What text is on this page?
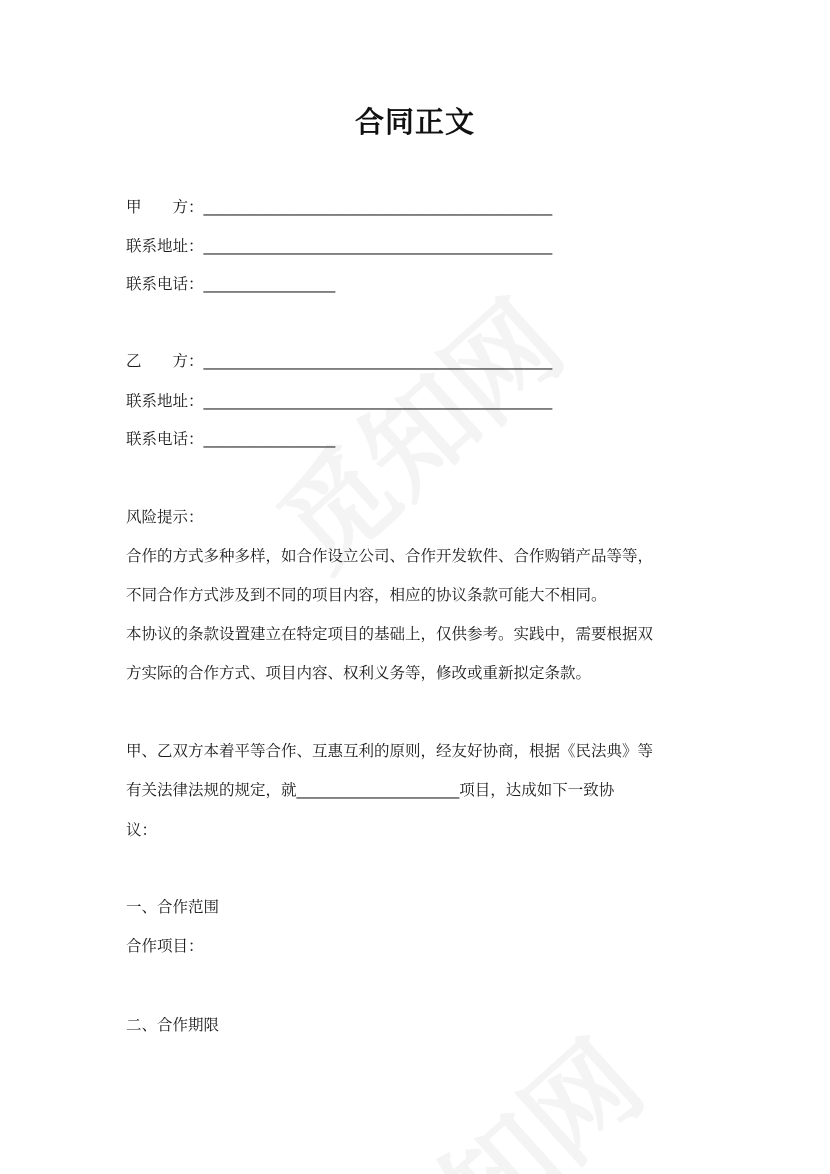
合同正文
甲　　方：_____________________________________________
联系地址：_____________________________________________
联系电话：_________________
乙　　方：_____________________________________________
联系地址：_____________________________________________
联系电话：_________________
风险提示：
合作的方式多种多样，如合作设立公司、合作开发软件、合作购销产品等等，
不同合作方式涉及到不同的项目内容，相应的协议条款可能大不相同。
本协议的条款设置建立在特定项目的基础上，仅供参考。实践中，需要根据双
方实际的合作方式、项目内容、权利义务等，修改或重新拟定条款。
甲、乙双方本着平等合作、互惠互利的原则，经友好协商，根据《民法典》等
有关法律法规的规定，就_____________________项目，达成如下一致协
议：
一、合作范围
合作项目：
二、合作期限
